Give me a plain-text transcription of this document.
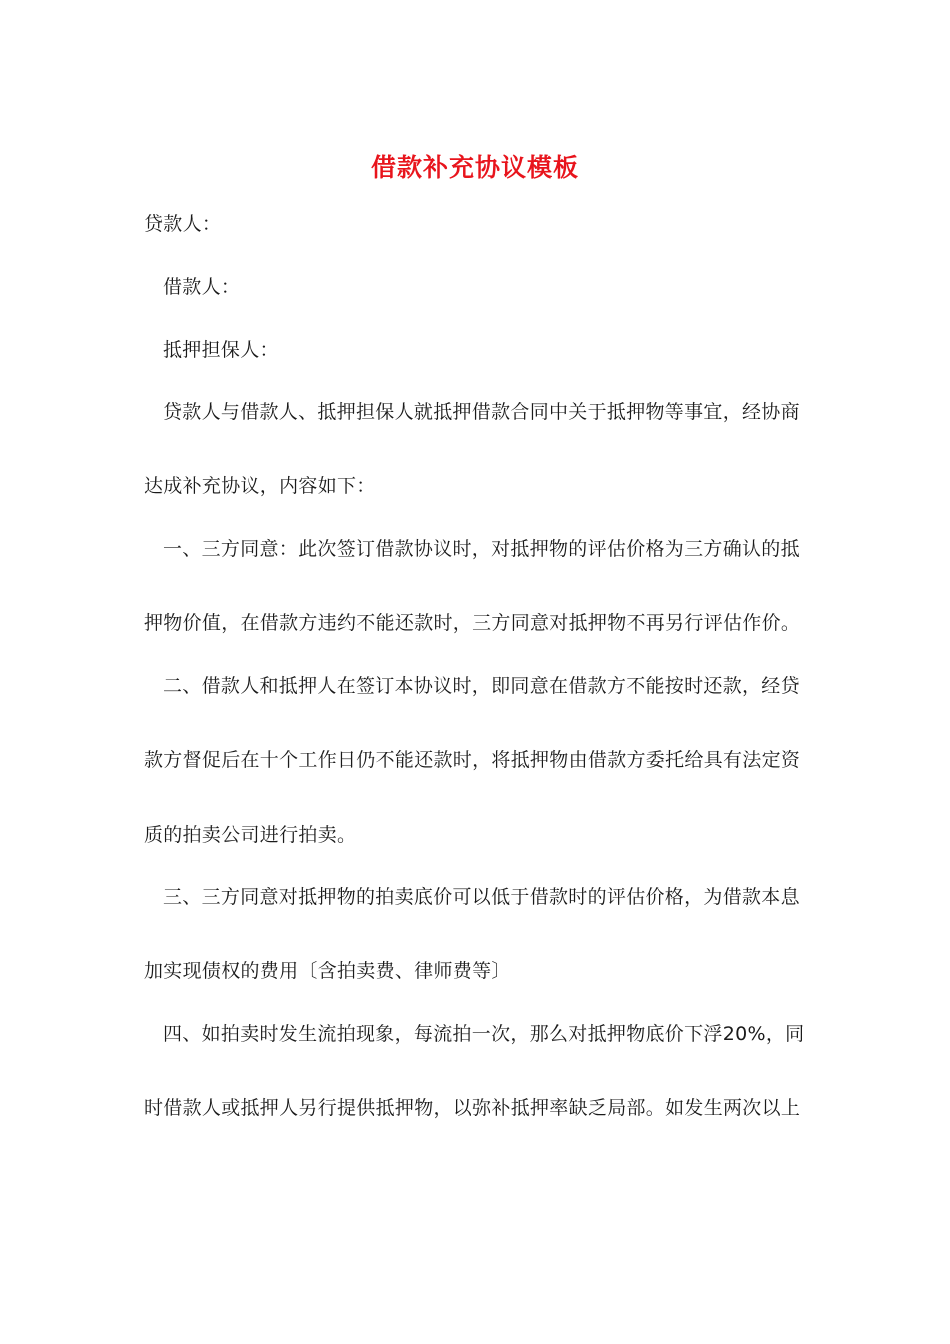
借款补充协议模板
贷款人：
借款人：
抵押担保人：
贷款人与借款人、抵押担保人就抵押借款合同中关于抵押物等事宜，经协商
达成补充协议，内容如下：
一、三方同意：此次签订借款协议时，对抵押物的评估价格为三方确认的抵
押物价值，在借款方违约不能还款时，三方同意对抵押物不再另行评估作价。
二、借款人和抵押人在签订本协议时，即同意在借款方不能按时还款，经贷
款方督促后在十个工作日仍不能还款时，将抵押物由借款方委托给具有法定资
质的拍卖公司进行拍卖。
三、三方同意对抵押物的拍卖底价可以低于借款时的评估价格，为借款本息
加实现债权的费用〔含拍卖费、律师费等〕
四、如拍卖时发生流拍现象，每流拍一次，那么对抵押物底价下浮20%，同
时借款人或抵押人另行提供抵押物，以弥补抵押率缺乏局部。如发生两次以上
